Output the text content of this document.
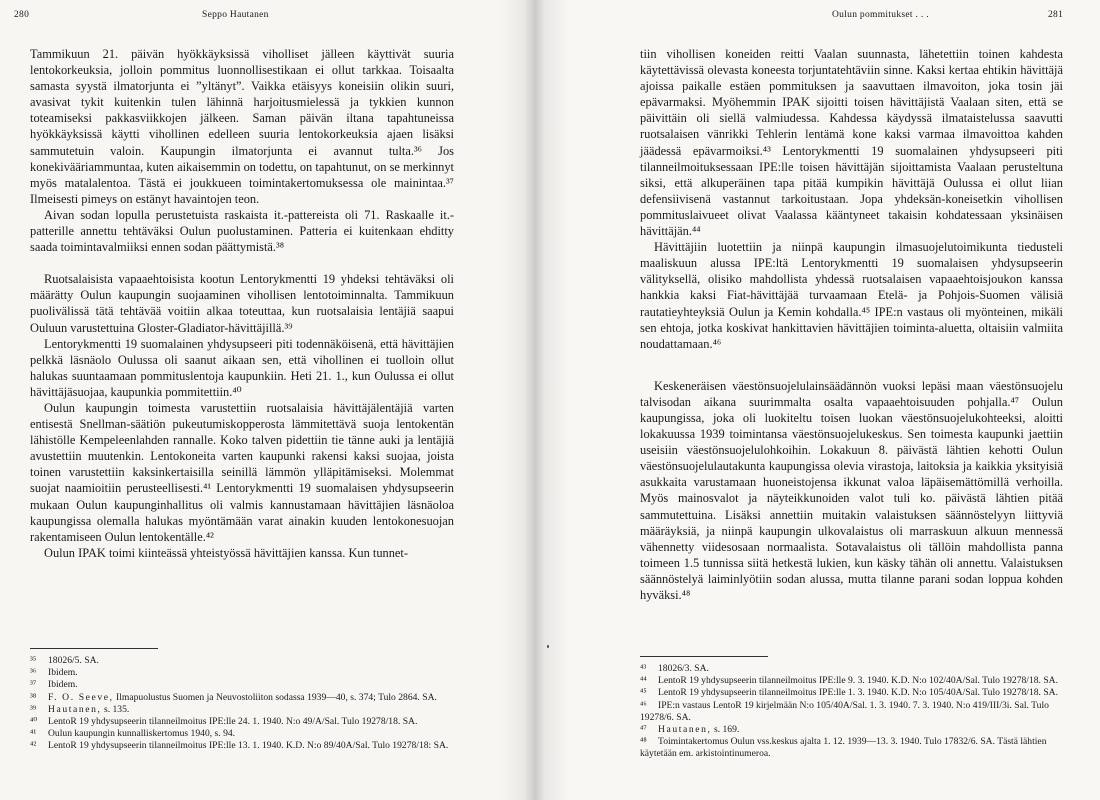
280	Seppo Hautanen

Tammikuun 21. päivän hyökkäyksissä viholliset jälleen käyttivät suuria lentokorkeuksia, jolloin pommitus luonnollisestikaan ei ollut tarkkaa. Toisaalta samasta syystä ilmatorjunta ei ”yltänyt”. Vaikka etäisyys koneisiin olikin suuri, avasivat tykit kuitenkin tulen lähinnä harjoitusmielessä ja tykkien kunnon toteamiseksi pakkasviikkojen jälkeen. Saman päivän iltana tapahtuneissa hyökkäyksissä käytti vihollinen edelleen suuria lentokorkeuksia ajaen lisäksi sammutetuin valoin. Kaupungin ilmatorjunta ei avannut tulta.³⁶ Jos konekivääriammuntaa, kuten aikaisemmin on todettu, on tapahtunut, on se merkinnyt myös matalalentoa. Tästä ei joukkueen toimintakertomuksessa ole mainintaa.³⁷ Ilmeisesti pimeys on estänyt havaintojen teon.

Aivan sodan lopulla perustetuista raskaista it.-pattereista oli 71. Raskaalle it.-patterille annettu tehtäväksi Oulun puolustaminen. Patteria ei kuitenkaan ehditty saada toimintavalmiiksi ennen sodan päättymistä.³⁸

Ruotsalaisista vapaaehtoisista kootun Lentorykmentti 19 yhdeksi tehtäväksi oli määrätty Oulun kaupungin suojaaminen vihollisen lentotoiminnalta. Tammikuun puolivälissä tätä tehtävää voitiin alkaa toteuttaa, kun ruotsalaisia lentäjiä saapui Ouluun varustettuina Gloster-Gladiator-hävittäjillä.³⁹

Lentorykmentti 19 suomalainen yhdysupseeri piti todennäköisenä, että hävittäjien pelkkä läsnäolo Oulussa oli saanut aikaan sen, että vihollinen ei tuolloin ollut halukas suuntaamaan pommituslentoja kaupunkiin. Heti 21. 1., kun Oulussa ei ollut hävittäjäsuojaa, kaupunkia pommitettiin.⁴⁰

Oulun kaupungin toimesta varustettiin ruotsalaisia hävittäjälentäjiä varten entisestä Snellman-säätiön pukeutumiskopperosta lämmitettävä suoja lentokentän lähistölle Kempeleenlahden rannalle. Koko talven pidettiin tie tänne auki ja lentäjiä avustettiin muutenkin. Lentokoneita varten kaupunki rakensi kaksi suojaa, joista toinen varustettiin kaksinkertaisilla seinillä lämmön ylläpitämiseksi. Molemmat suojat naamioitiin perusteellisesti.⁴¹ Lentorykmentti 19 suomalaisen yhdysupseerin mukaan Oulun kaupunginhallitus oli valmis kannustamaan hävittäjien läsnäoloa kaupungissa olemalla halukas myöntämään varat ainakin kuuden lentokonesuojan rakentamiseen Oulun lentokentälle.⁴²

Oulun IPAK toimi kiinteässä yhteistyössä hävittäjien kanssa. Kun tunnet-

³⁵ 18026/5. SA.

³⁶ Ibidem.

³⁷ Ibidem.

³⁸ F. O. Seeve, Ilmapuolustus Suomen ja Neuvostoliiton sodassa 1939—40, s. 374; Tulo 2864. SA.

³⁹ Hautanen, s. 135.

⁴⁰ LentoR 19 yhdysupseerin tilanneilmoitus IPE:lle 24. 1. 1940. N:o 49/A/Sal. Tulo 19278/18. SA.

⁴¹ Oulun kaupungin kunnalliskertomus 1940, s. 94.

⁴² LentoR 19 yhdysupseerin tilanneilmoitus IPE:lle 13. 1. 1940. K.D. N:o 89/40A/Sal. Tulo 19278/18: SA.

Oulun pommitukset . . .	281

tiin vihollisen koneiden reitti Vaalan suunnasta, lähetettiin toinen kahdesta käytettävissä olevasta koneesta torjuntatehtäviin sinne. Kaksi kertaa ehtikin hävittäjä ajoissa paikalle estäen pommituksen ja saavuttaen ilmavoiton, joka tosin jäi epävarmaksi. Myöhemmin IPAK sijoitti toisen hävittäjistä Vaalaan siten, että se päivittäin oli siellä valmiudessa. Kahdessa käydyssä ilmataistelussa saavutti ruotsalaisen vänrikki Tehlerin lentämä kone kaksi varmaa ilmavoittoa kahden jäädessä epävarmoiksi.⁴³ Lentorykmentti 19 suomalainen yhdysupseeri piti tilanneilmoituksessaan IPE:lle toisen hävittäjän sijoittamista Vaalaan perusteltuna siksi, että alkuperäinen tapa pitää kumpikin hävittäjä Oulussa ei ollut liian defensiivisenä vastannut tarkoitustaan. Jopa yhdeksän-koneisetkin vihollisen pommituslaivueet olivat Vaalassa kääntyneet takaisin kohdatessaan yksinäisen hävittäjän.⁴⁴

Hävittäjiin luotettiin ja niinpä kaupungin ilmasuojelutoimikunta tiedusteli maaliskuun alussa IPE:ltä Lentorykmentti 19 suomalaisen yhdysupseerin välityksellä, olisiko mahdollista yhdessä ruotsalaisen vapaaehtoisjoukon kanssa hankkia kaksi Fiat-hävittäjää turvaamaan Etelä- ja Pohjois-Suomen välisiä rautatieyhteyksiä Oulun ja Kemin kohdalla.⁴⁵ IPE:n vastaus oli myönteinen, mikäli sen ehtoja, jotka koskivat hankittavien hävittäjien toiminta-aluetta, oltaisiin valmiita noudattamaan.⁴⁶

Keskeneräisen väestönsuojelulainsäädännön vuoksi lepäsi maan väestönsuojelu talvisodan aikana suurimmalta osalta vapaaehtoisuuden pohjalla.⁴⁷ Oulun kaupungissa, joka oli luokiteltu toisen luokan väestönsuojelukohteeksi, aloitti lokakuussa 1939 toimintansa väestönsuojelukeskus. Sen toimesta kaupunki jaettiin useisiin väestönsuojelulohkoihin. Lokakuun 8. päivästä lähtien kehotti Oulun väestönsuojelulautakunta kaupungissa olevia virastoja, laitoksia ja kaikkia yksityisiä asukkaita varustamaan huoneistojensa ikkunat valoa läpäisemättömillä verhoilla. Myös mainosvalot ja näyteikkunoiden valot tuli ko. päivästä lähtien pitää sammutettuina. Lisäksi annettiin muitakin valaistuksen säännöstelyyn liittyviä määräyksiä, ja niinpä kaupungin ulkovalaistus oli marraskuun alkuun mennessä vähennetty viidesosaan normaalista. Sotavalaistus oli tällöin mahdollista panna toimeen 1.5 tunnissa siitä hetkestä lukien, kun käsky tähän oli annettu. Valaistuksen säännöstelyä laiminlyötiin sodan alussa, mutta tilanne parani sodan loppua kohden hyväksi.⁴⁸

⁴³ 18026/3. SA.

⁴⁴ LentoR 19 yhdysupseerin tilanneilmoitus IPE:lle 9. 3. 1940. K.D. N:o 102/40A/Sal. Tulo 19278/18. SA.

⁴⁵ LentoR 19 yhdysupseerin tilanneilmoitus IPE:lle 1. 3. 1940. K.D. N:o 105/40A/Sal. Tulo 19278/18. SA.

⁴⁶ IPE:n vastaus LentoR 19 kirjelmään N:o 105/40A/Sal. 1. 3. 1940. 7. 3. 1940. N:o 419/III/3i. Sal. Tulo 19278/6. SA.

⁴⁷ Hautanen, s. 169.

⁴⁸ Toimintakertomus Oulun vss.keskus ajalta 1. 12. 1939—13. 3. 1940. Tulo 17832/6. SA. Tästä lähtien käytetään em. arkistointinumeroa.
